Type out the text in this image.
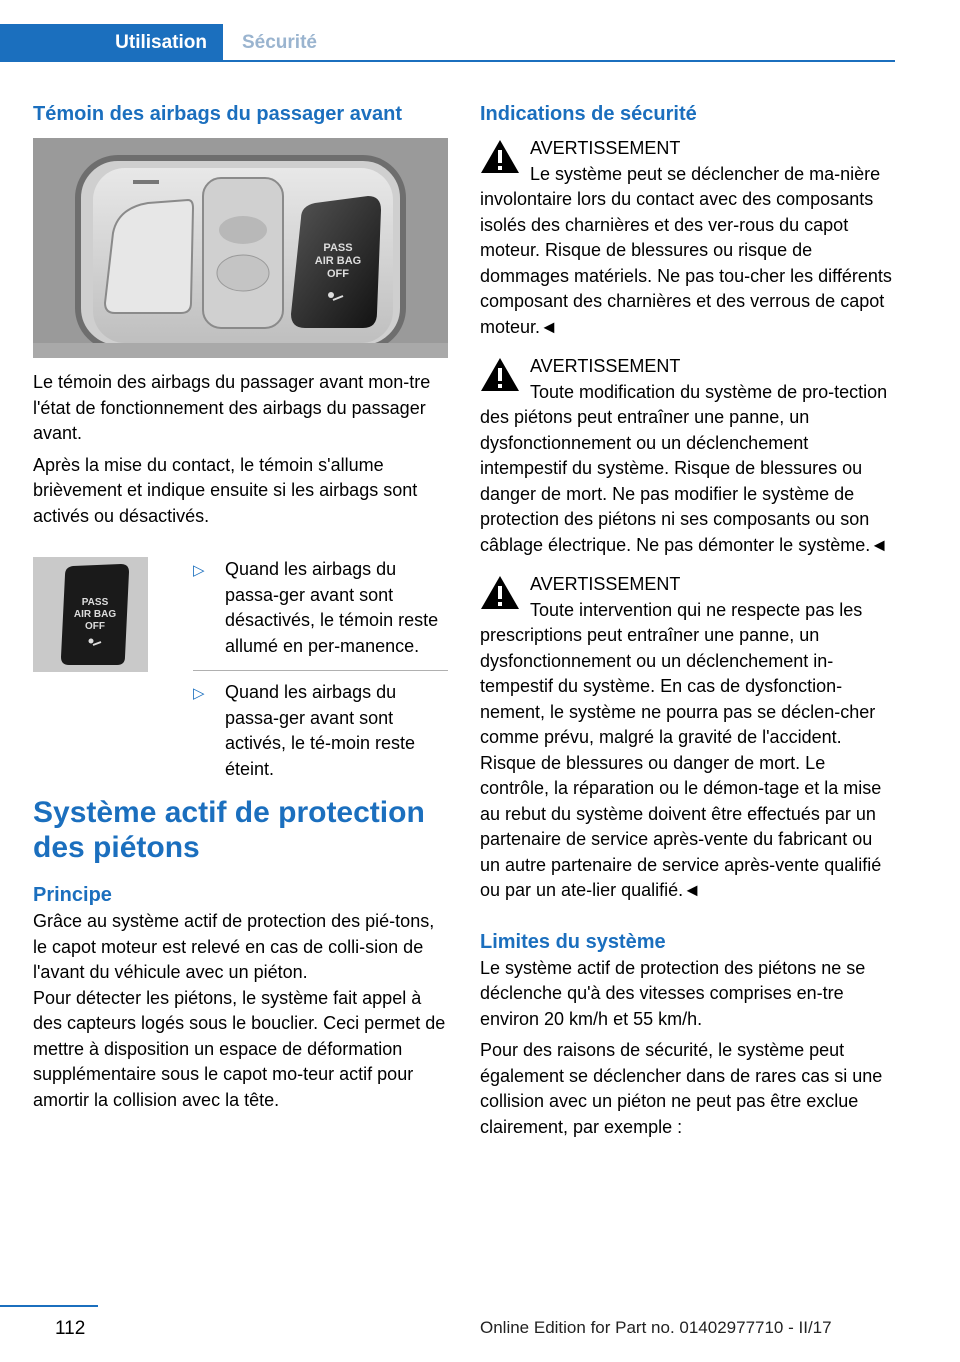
Utilisation	Sécurité
Témoin des airbags du passager avant
PASS
AIR BAG
OFF

Le témoin des airbags du passager avant mon-tre l'état de fonctionnement des airbags du passager avant.

Après la mise du contact, le témoin s'allume brièvement et indique ensuite si les airbags sont activés ou désactivés.

PASS
AIR BAG
OFF
▷ Quand les airbags du passa-ger avant sont désactivés, le témoin reste allumé en per-manence.
▷ Quand les airbags du passa-ger avant sont activés, le té-moin reste éteint.
Système actif de protection des piétons
Principe

Grâce au système actif de protection des pié-tons, le capot moteur est relevé en cas de colli-sion de l'avant du véhicule avec un piéton.

Pour détecter les piétons, le système fait appel à des capteurs logés sous le bouclier. Ceci permet de mettre à disposition un espace de déformation supplémentaire sous le capot mo-teur actif pour amortir la collision avec la tête.

Indications de sécurité
AVERTISSEMENT

Le système peut se déclencher de ma-nière involontaire lors du contact avec des composants isolés des charnières et des ver-rous du capot moteur. Risque de blessures ou risque de dommages matériels. Ne pas tou-cher les différents composant des charnières et des verrous de capot moteur.◄

AVERTISSEMENT

Toute modification du système de pro-tection des piétons peut entraîner une panne, un dysfonctionnement ou un déclenchement intempestif du système. Risque de blessures ou danger de mort. Ne pas modifier le système de protection des piétons ni ses composants ou son câblage électrique. Ne pas démonter le système.◄

AVERTISSEMENT

Toute intervention qui ne respecte pas les prescriptions peut entraîner une panne, un dysfonctionnement ou un déclenchement in-tempestif du système. En cas de dysfonction-nement, le système ne pourra pas se déclen-cher comme prévu, malgré la gravité de l'accident. Risque de blessures ou danger de mort. Le contrôle, la réparation ou le démon-tage et la mise au rebut du système doivent être effectués par un partenaire de service après-vente du fabricant ou un autre partenaire de service après-vente qualifié ou par un ate-lier qualifié.◄

Limites du système

Le système actif de protection des piétons ne se déclenche qu'à des vitesses comprises en-tre environ 20 km/h et 55 km/h.

Pour des raisons de sécurité, le système peut également se déclencher dans de rares cas si une collision avec un piéton ne peut pas être exclue clairement, par exemple :

112	Online Edition for Part no. 01402977710 - II/17
